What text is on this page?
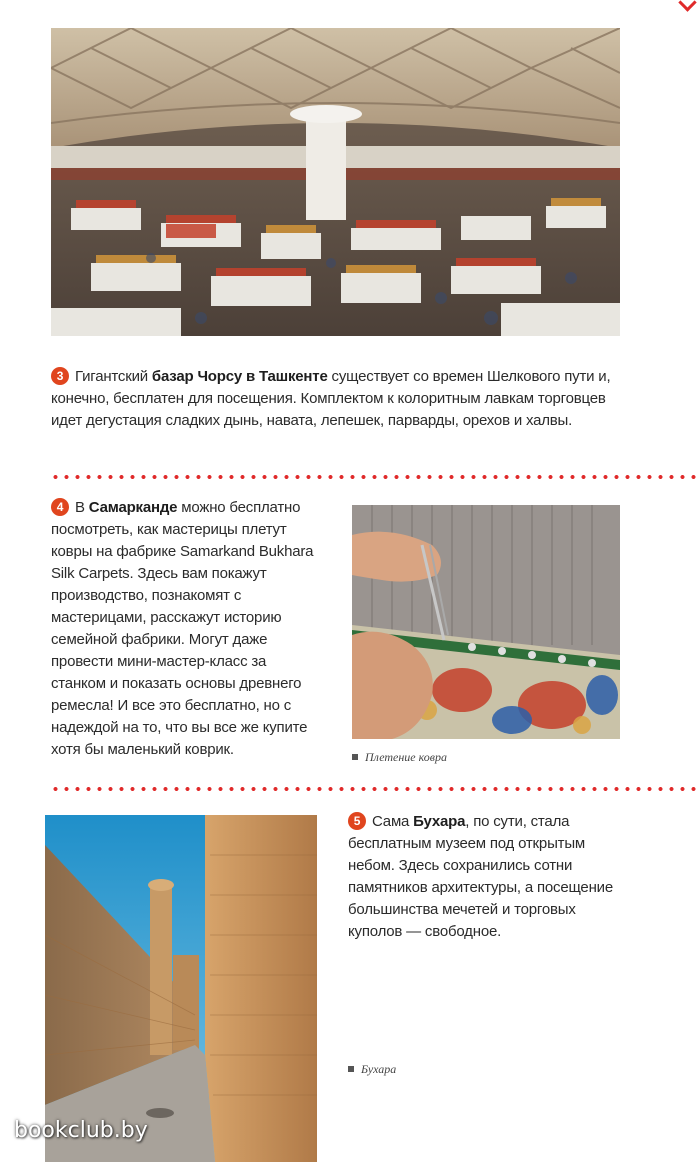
3 Гигантский базар Чорсу в Ташкенте существует со времен Шелкового пути и, конечно, бесплатен для посещения. Комплектом к колоритным лавкам торговцев идет дегустация сладких дынь, навата, лепешек, парварды, орехов и халвы.
4 В Самарканде можно бесплатно посмотреть, как мастерицы плетут ковры на фабрике Samarkand Bukhara Silk Carpets. Здесь вам покажут производство, познакомят с мастерицами, расскажут историю семейной фабрики. Могут даже провести мини-мастер-класс за станком и показать основы древнего ремесла! И все это бесплатно, но с надеждой на то, что вы все же купите хотя бы маленький коврик.	Плетение ковра
bookclub.by
5 Сама Бухара, по сути, стала бесплатным музеем под открытым небом. Здесь сохранились сотни памятников архитектуры, а посещение большинства мечетей и торговых куполов — свободное.
Бухара
